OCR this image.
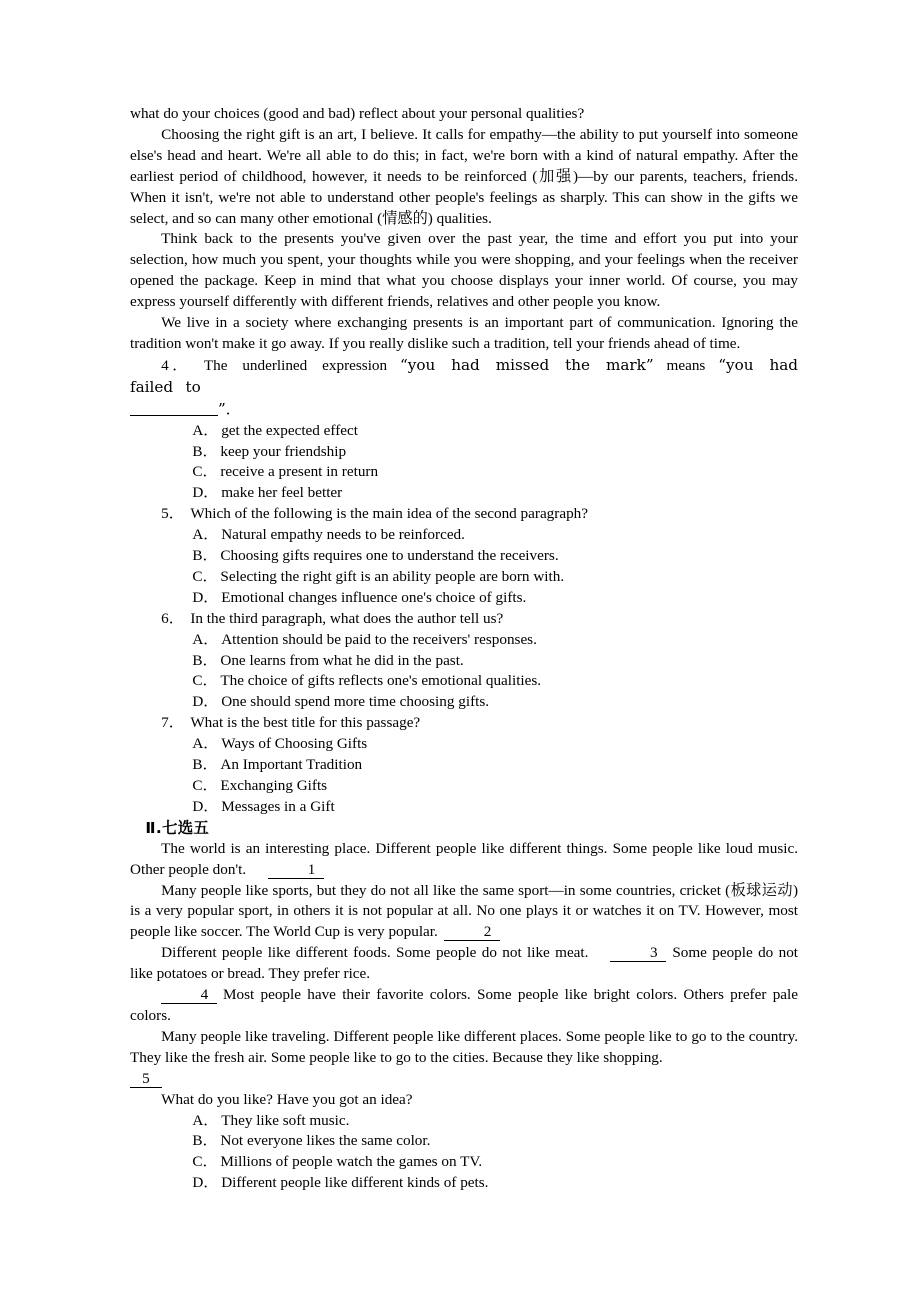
what do your choices (good and bad) reflect about your personal qualities?

Choosing the right gift is an art, I believe. It calls for empathy—the ability to put yourself into someone else's head and heart. We're all able to do this; in fact, we're born with a kind of natural empathy. After the earliest period of childhood, however, it needs to be reinforced (加强)—by our parents, teachers, friends. When it isn't, we're not able to understand other people's feelings as sharply. This can show in the gifts we select, and so can many other emotional (情感的) qualities.

Think back to the presents you've given over the past year, the time and effort you put into your selection, how much you spent, your thoughts while you were shopping, and your feelings when the receiver opened the package. Keep in mind that what you choose displays your inner world. Of course, you may express yourself differently with different friends, relatives and other people you know.

We live in a society where exchanging presents is an important part of communication. Ignoring the tradition won't make it go away. If you really dislike such a tradition, tell your friends ahead of time.

4． The underlined expression “you had missed the mark” means “you had failed to

”．

A． get the expected effect

B． keep your friendship

C． receive a present in return

D． make her feel better

5． Which of the following is the main idea of the second paragraph?

A． Natural empathy needs to be reinforced.

B． Choosing gifts requires one to understand the receivers.

C． Selecting the right gift is an ability people are born with.

D． Emotional changes influence one's choice of gifts.

6． In the third paragraph, what does the author tell us?

A． Attention should be paid to the receivers' responses.

B． One learns from what he did in the past.

C． The choice of gifts reflects one's emotional qualities.

D． One should spend more time choosing gifts.

7． What is the best title for this passage?

A． Ways of Choosing Gifts

B． An Important Tradition

C． Exchanging Gifts

D． Messages in a Gift

Ⅱ.七选五

The world is an interesting place. Different people like different things. Some people like loud music. Other people don't.	1

Many people like sports, but they do not all like the same sport—in some countries, cricket (板球运动) is a very popular sport, in others it is not popular at all. No one plays it or watches it on TV. However, most people like soccer. The World Cup is very popular.	2

Different people like different foods. Some people do not like meat.	3 Some people do not like potatoes or bread. They prefer rice.

4 Most people have their favorite colors. Some people like bright colors. Others prefer pale colors.

Many people like traveling. Different people like different places. Some people like to go to the country. They like the fresh air. Some people like to go to the cities. Because they like shopping.

5

What do you like? Have you got an idea?

A． They like soft music.

B． Not everyone likes the same color.

C． Millions of people watch the games on TV.

D． Different people like different kinds of pets.
